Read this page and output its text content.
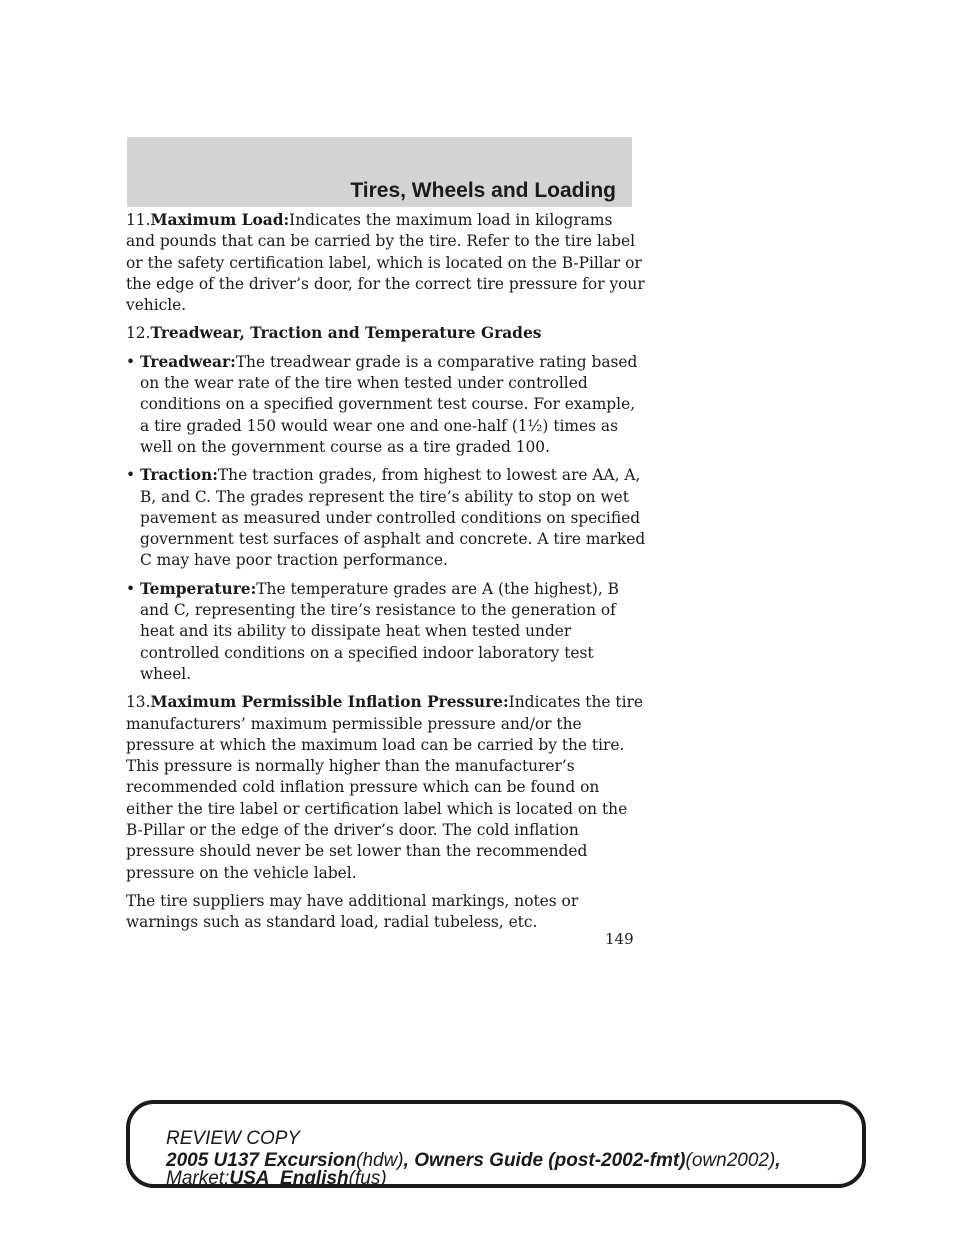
Tires, Wheels and Loading

11.Maximum Load:Indicates the maximum load in kilograms and pounds that can be carried by the tire. Refer to the tire label or the safety certification label, which is located on the B-Pillar or the edge of the driver’s door, for the correct tire pressure for your vehicle.

12.Treadwear, Traction and Temperature Grades

• Treadwear:The treadwear grade is a comparative rating based on the wear rate of the tire when tested under controlled conditions on a specified government test course. For example, a tire graded 150 would wear one and one-half (1½) times as well on the government course as a tire graded 100.

• Traction:The traction grades, from highest to lowest are AA, A, B, and C. The grades represent the tire’s ability to stop on wet pavement as measured under controlled conditions on specified government test surfaces of asphalt and concrete. A tire marked C may have poor traction performance.

• Temperature:The temperature grades are A (the highest), B and C, representing the tire’s resistance to the generation of heat and its ability to dissipate heat when tested under controlled conditions on a specified indoor laboratory test wheel.

13.Maximum Permissible Inflation Pressure:Indicates the tire manufacturers’ maximum permissible pressure and/or the pressure at which the maximum load can be carried by the tire. This pressure is normally higher than the manufacturer’s recommended cold inflation pressure which can be found on either the tire label or certification label which is located on the B-Pillar or the edge of the driver’s door. The cold inflation pressure should never be set lower than the recommended pressure on the vehicle label.

The tire suppliers may have additional markings, notes or warnings such as standard load, radial tubeless, etc.

149
REVIEW COPY
2005 U137 Excursion(hdw), Owners Guide (post-2002-fmt)(own2002),
Market:USA_English(fus)
